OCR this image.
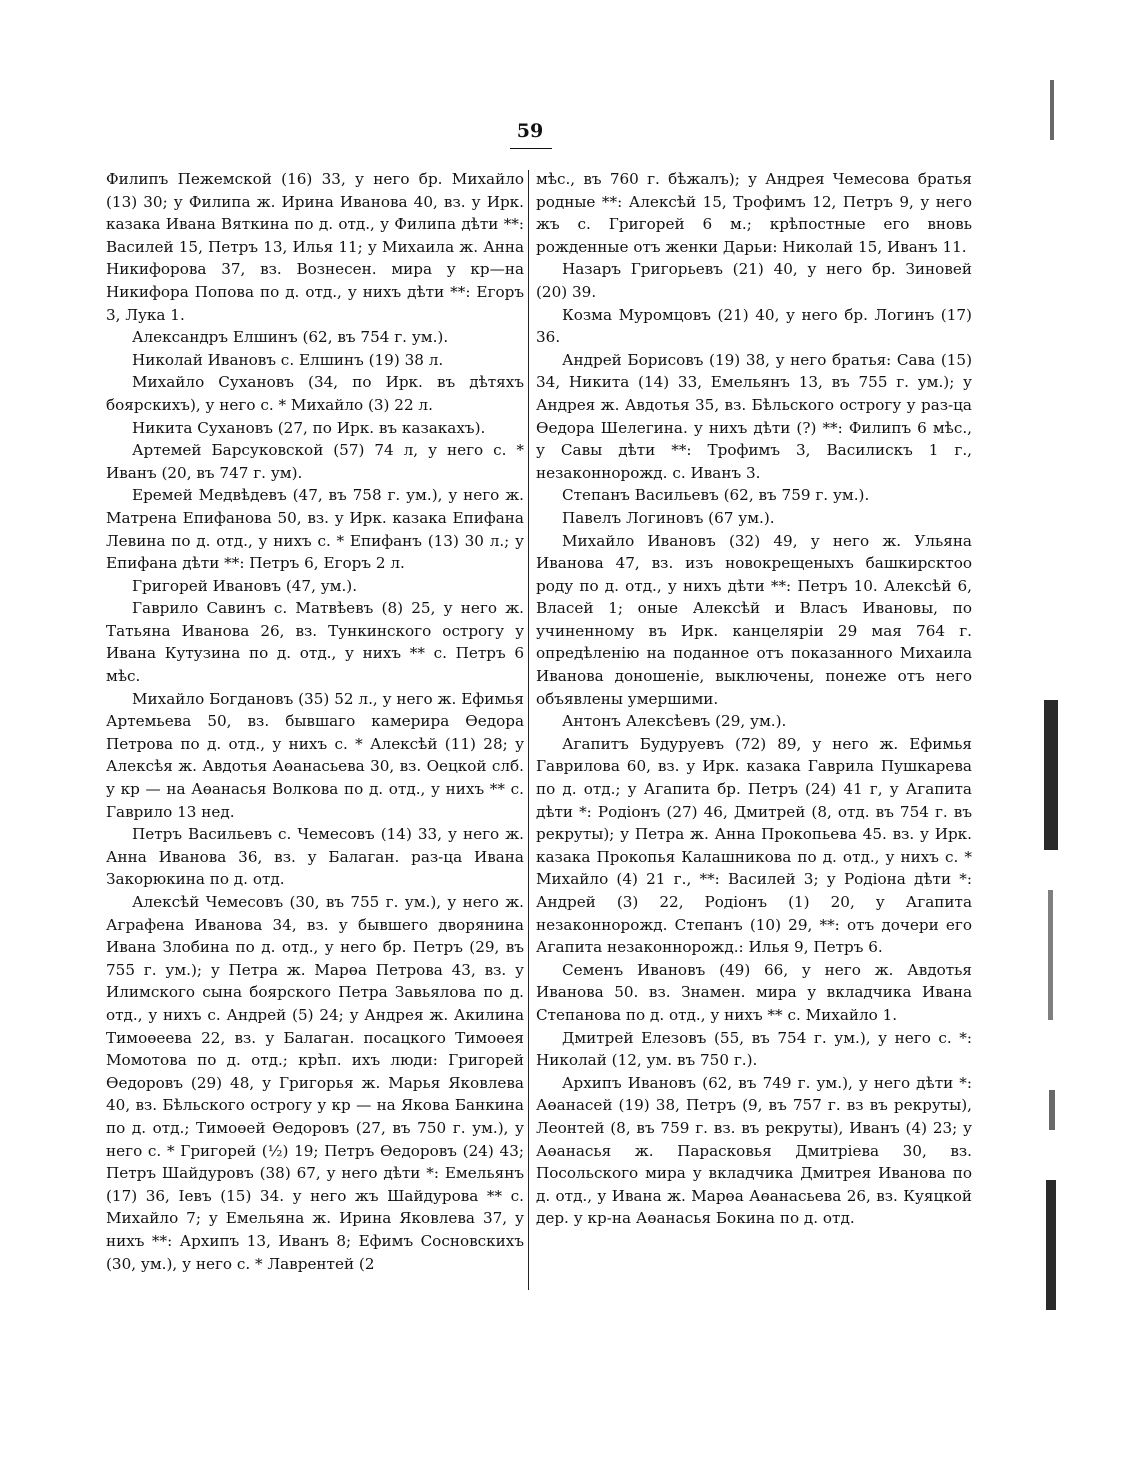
59

Филипъ Пежемской (16) 33, у него бр. Михайло (13) 30; у Филипа ж. Ирина Иванова 40, вз. у Ирк. казака Ивана Вяткина по д. отд., у Филипа дѣти **: Василей 15, Петръ 13, Илья 11; у Михаила ж. Анна Никифорова 37, вз. Вознесен. мира у кр—на Никифора Попова по д. отд., у нихъ дѣти **: Егоръ 3, Лука 1.

Александръ Елшинъ (62, въ 754 г. ум.).

Николай Ивановъ с. Елшинъ (19) 38 л.

Михайло Сухановъ (34, по Ирк. въ дѣтяхъ боярскихъ), у него с. * Михайло (3) 22 л.

Никита Сухановъ (27, по Ирк. въ казакахъ).

Артемей Барсуковской (57) 74 л, у него с. * Иванъ (20, въ 747 г. ум).

Еремей Медвѣдевъ (47, въ 758 г. ум.), у него ж. Матрена Епифанова 50, вз. у Ирк. казака Епифана Левина по д. отд., у нихъ с. * Епифанъ (13) 30 л.; у Епифана дѣти **: Петръ 6, Егоръ 2 л.

Григорей Ивановъ (47, ум.).

Гаврило Савинъ с. Матвѣевъ (8) 25, у него ж. Татьяна Иванова 26, вз. Тункинского острогу у Ивана Кутузина по д. отд., у нихъ ** с. Петръ 6 мѣс.

Михайло Богдановъ (35) 52 л., у него ж. Ефимья Артемьева 50, вз. бывшаго камерира Өедора Петрова по д. отд., у нихъ с. * Алексѣй (11) 28; у Алексѣя ж. Авдотья Аөанасьева 30, вз. Оецкой слб. у кр — на Аөанасья Волкова по д. отд., у нихъ ** с. Гаврило 13 нед.

Петръ Васильевъ с. Чемесовъ (14) 33, у него ж. Анна Иванова 36, вз. у Балаган. раз-ца Ивана Закорюкина по д. отд.

Алексѣй Чемесовъ (30, въ 755 г. ум.), у него ж. Аграфена Иванова 34, вз. у бывшего дворянина Ивана Злобина по д. отд., у него бр. Петръ (29, въ 755 г. ум.); у Петра ж. Марөа Петрова 43, вз. у Илимского сына боярского Петра Завьялова по д. отд., у нихъ с. Андрей (5) 24; у Андрея ж. Акилина Тимоөеева 22, вз. у Балаган. посацкого Тимоөея Момотова по д. отд.; крѣп. ихъ люди: Григорей Өедоровъ (29) 48, у Григорья ж. Марья Яковлева 40, вз. Бѣльского острогу у кр — на Якова Банкина по д. отд.; Тимоөей Өедоровъ (27, въ 750 г. ум.), у него с. * Григорей (½) 19; Петръ Өедоровъ (24) 43; Петръ Шайдуровъ (38) 67, у него дѣти *: Емельянъ (17) 36, Iевъ (15) 34. у него жъ Шайдурова ** с. Михайло 7; у Емельяна ж. Ирина Яковлева 37, у нихъ **: Архипъ 13, Иванъ 8; Ефимъ Сосновскихъ (30, ум.), у него с. * Лаврентей (2

мѣс., въ 760 г. бѣжалъ); у Андрея Чемесова братья родные **: Алексѣй 15, Трофимъ 12, Петръ 9, у него жъ с. Григорей 6 м.; крѣпостные его вновь рожденные отъ женки Дарьи: Николай 15, Иванъ 11.

Назаръ Григорьевъ (21) 40, у него бр. Зиновей (20) 39.

Козма Муромцовъ (21) 40, у него бр. Логинъ (17) 36.

Андрей Борисовъ (19) 38, у него братья: Сава (15) 34, Никита (14) 33, Емельянъ 13, въ 755 г. ум.); у Андрея ж. Авдотья 35, вз. Бѣльского острогу у раз-ца Өедора Шелегина. у нихъ дѣти (?) **: Филипъ 6 мѣс., у Савы дѣти **: Трофимъ 3, Василискъ 1 г., незаконнорожд. с. Иванъ 3.

Степанъ Васильевъ (62, въ 759 г. ум.).

Павелъ Логиновъ (67 ум.).

Михайло Ивановъ (32) 49, у него ж. Ульяна Иванова 47, вз. изъ новокрещеныхъ башкирсктоо роду по д. отд., у нихъ дѣти **: Петръ 10. Алексѣй 6, Власей 1; оные Алексѣй и Власъ Ивановы, по учиненному въ Ирк. канцеляріи 29 мая 764 г. опредѣленію на поданное отъ показанного Михаила Иванова доношеніе, выключены, понеже отъ него объявлены умершими.

Антонъ Алексѣевъ (29, ум.).

Агапитъ Будуруевъ (72) 89, у него ж. Ефимья Гаврилова 60, вз. у Ирк. казака Гаврила Пушкарева по д. отд.; у Агапита бр. Петръ (24) 41 г, у Агапита дѣти *: Родіонъ (27) 46, Дмитрей (8, отд. въ 754 г. въ рекруты); у Петра ж. Анна Прокопьева 45. вз. у Ирк. казака Прокопья Калашникова по д. отд., у нихъ с. * Михайло (4) 21 г., **: Василей 3; у Родіона дѣти *: Андрей (3) 22, Родіонъ (1) 20, у Агапита незаконнорожд. Степанъ (10) 29, **: отъ дочери его Агапита незаконнорожд.: Илья 9, Петръ 6.

Семенъ Ивановъ (49) 66, у него ж. Авдотья Иванова 50. вз. Знамен. мира у вкладчика Ивана Степанова по д. отд., у нихъ ** с. Михайло 1.

Дмитрей Елезовъ (55, въ 754 г. ум.), у него с. *: Николай (12, ум. въ 750 г.).

Архипъ Ивановъ (62, въ 749 г. ум.), у него дѣти *: Аөанасей (19) 38, Петръ (9, въ 757 г. вз въ рекруты), Леонтей (8, въ 759 г. вз. въ рекруты), Иванъ (4) 23; у Аөанасья ж. Парасковья Дмитріева 30, вз. Посольского мира у вкладчика Дмитрея Иванова по д. отд., у Ивана ж. Марөа Аөанасьева 26, вз. Куяцкой дер. у кр-на Аөанасья Бокина по д. отд.
